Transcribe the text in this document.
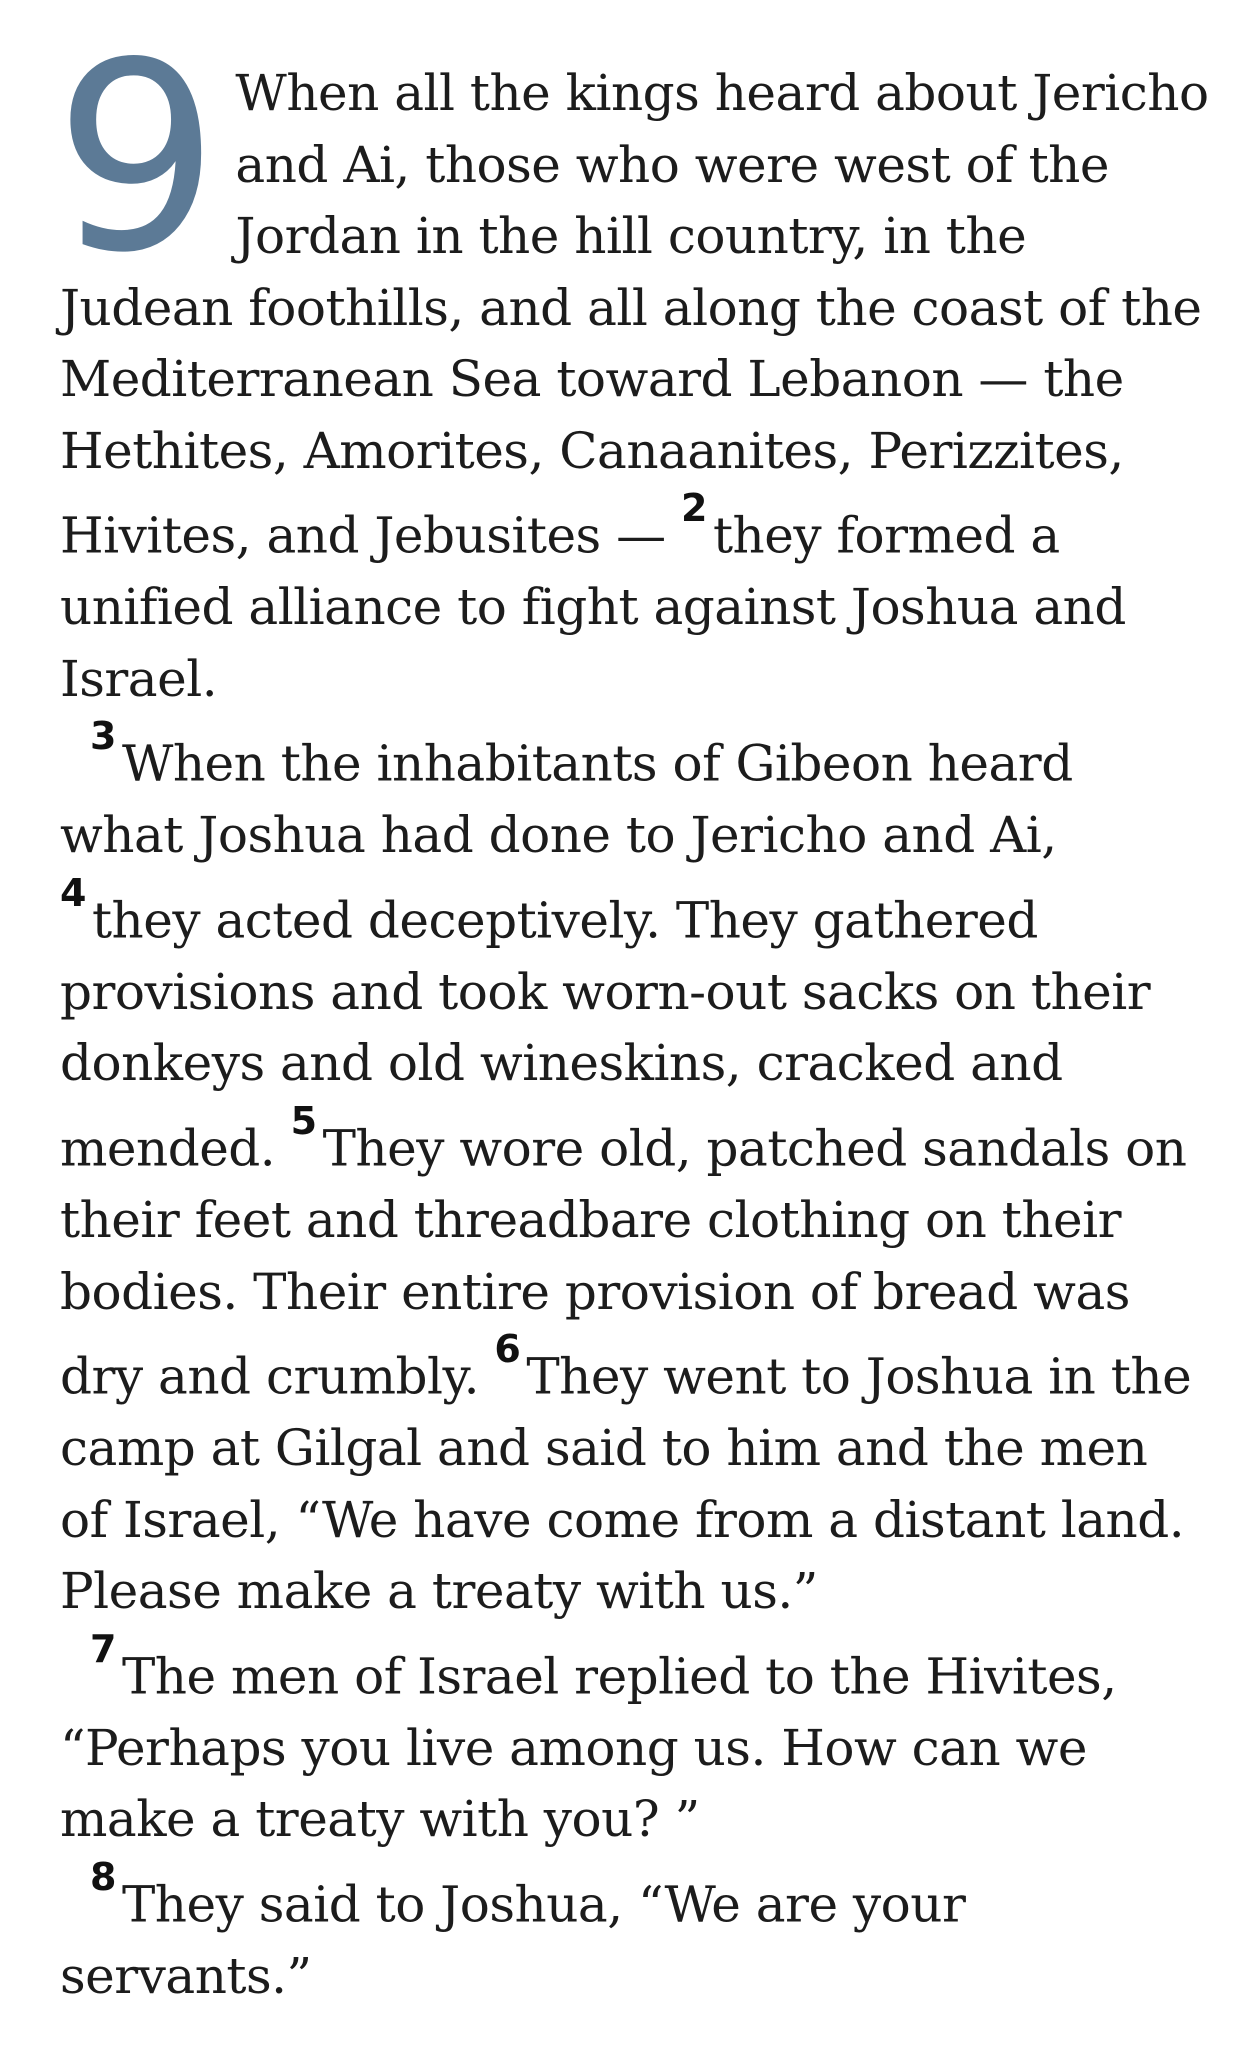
9 When all the kings heard about Jericho and Ai, those who were west of the Jordan in the hill country, in the Judean foothills, and all along the coast of the Mediterranean Sea toward Lebanon — the Hethites, Amorites, Canaanites, Perizzites, Hivites, and Jebusites — $^2$ they formed a unified alliance to fight against Joshua and Israel.

$^3$ When the inhabitants of Gibeon heard what Joshua had done to Jericho and Ai, $^4$ they acted deceptively. They gathered provisions and took worn-out sacks on their donkeys and old wineskins, cracked and mended. $^5$ They wore old, patched sandals on their feet and threadbare clothing on their bodies. Their entire provision of bread was dry and crumbly. $^6$ They went to Joshua in the camp at Gilgal and said to him and the men of Israel, “We have come from a distant land. Please make a treaty with us.”

$^7$ The men of Israel replied to the Hivites, “Perhaps you live among us. How can we make a treaty with you? ”

$^8$ They said to Joshua, “We are your servants.”
